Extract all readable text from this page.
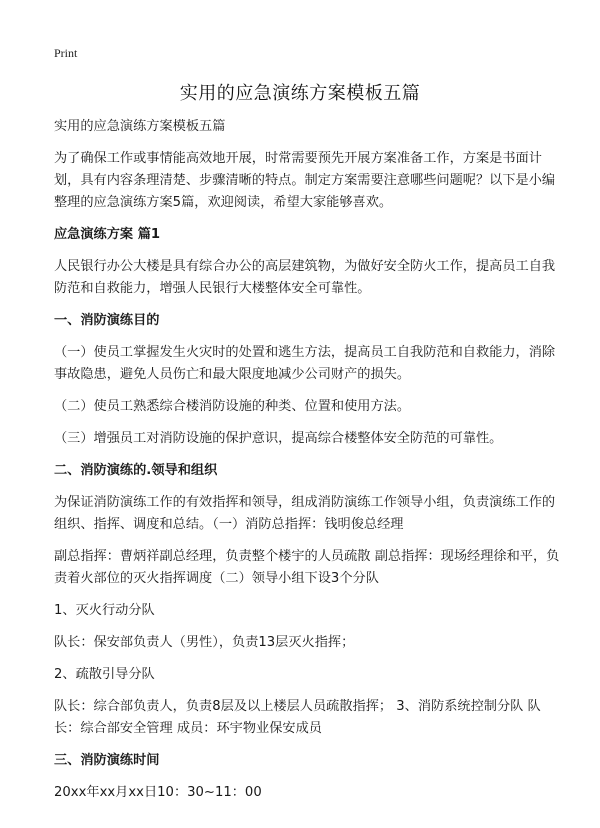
Print
实用的应急演练方案模板五篇
实用的应急演练方案模板五篇
为了确保工作或事情能高效地开展，时常需要预先开展方案准备工作，方案是书面计划，具有内容条理清楚、步骤清晰的特点。制定方案需要注意哪些问题呢？以下是小编整理的应急演练方案5篇，欢迎阅读，希望大家能够喜欢。
应急演练方案 篇1
人民银行办公大楼是具有综合办公的高层建筑物，为做好安全防火工作，提高员工自我防范和自救能力，增强人民银行大楼整体安全可靠性。
一、消防演练目的
（一）使员工掌握发生火灾时的处置和逃生方法，提高员工自我防范和自救能力，消除事故隐患，避免人员伤亡和最大限度地减少公司财产的损失。
（二）使员工熟悉综合楼消防设施的种类、位置和使用方法。
（三）增强员工对消防设施的保护意识，提高综合楼整体安全防范的可靠性。
二、消防演练的.领导和组织
为保证消防演练工作的有效指挥和领导，组成消防演练工作领导小组，负责演练工作的组织、指挥、调度和总结。（一）消防总指挥：钱明俊总经理
副总指挥：曹炳祥副总经理，负责整个楼宇的人员疏散 副总指挥：现场经理徐和平，负责着火部位的灭火指挥调度（二）领导小组下设3个分队
1、灭火行动分队
队长：保安部负责人（男性），负责13层灭火指挥；
2、疏散引导分队
队长：综合部负责人，负责8层及以上楼层人员疏散指挥； 3、消防系统控制分队 队长：综合部安全管理 成员：环宇物业保安成员
三、消防演练时间
20xx年xx月xx日10：30~11：00
